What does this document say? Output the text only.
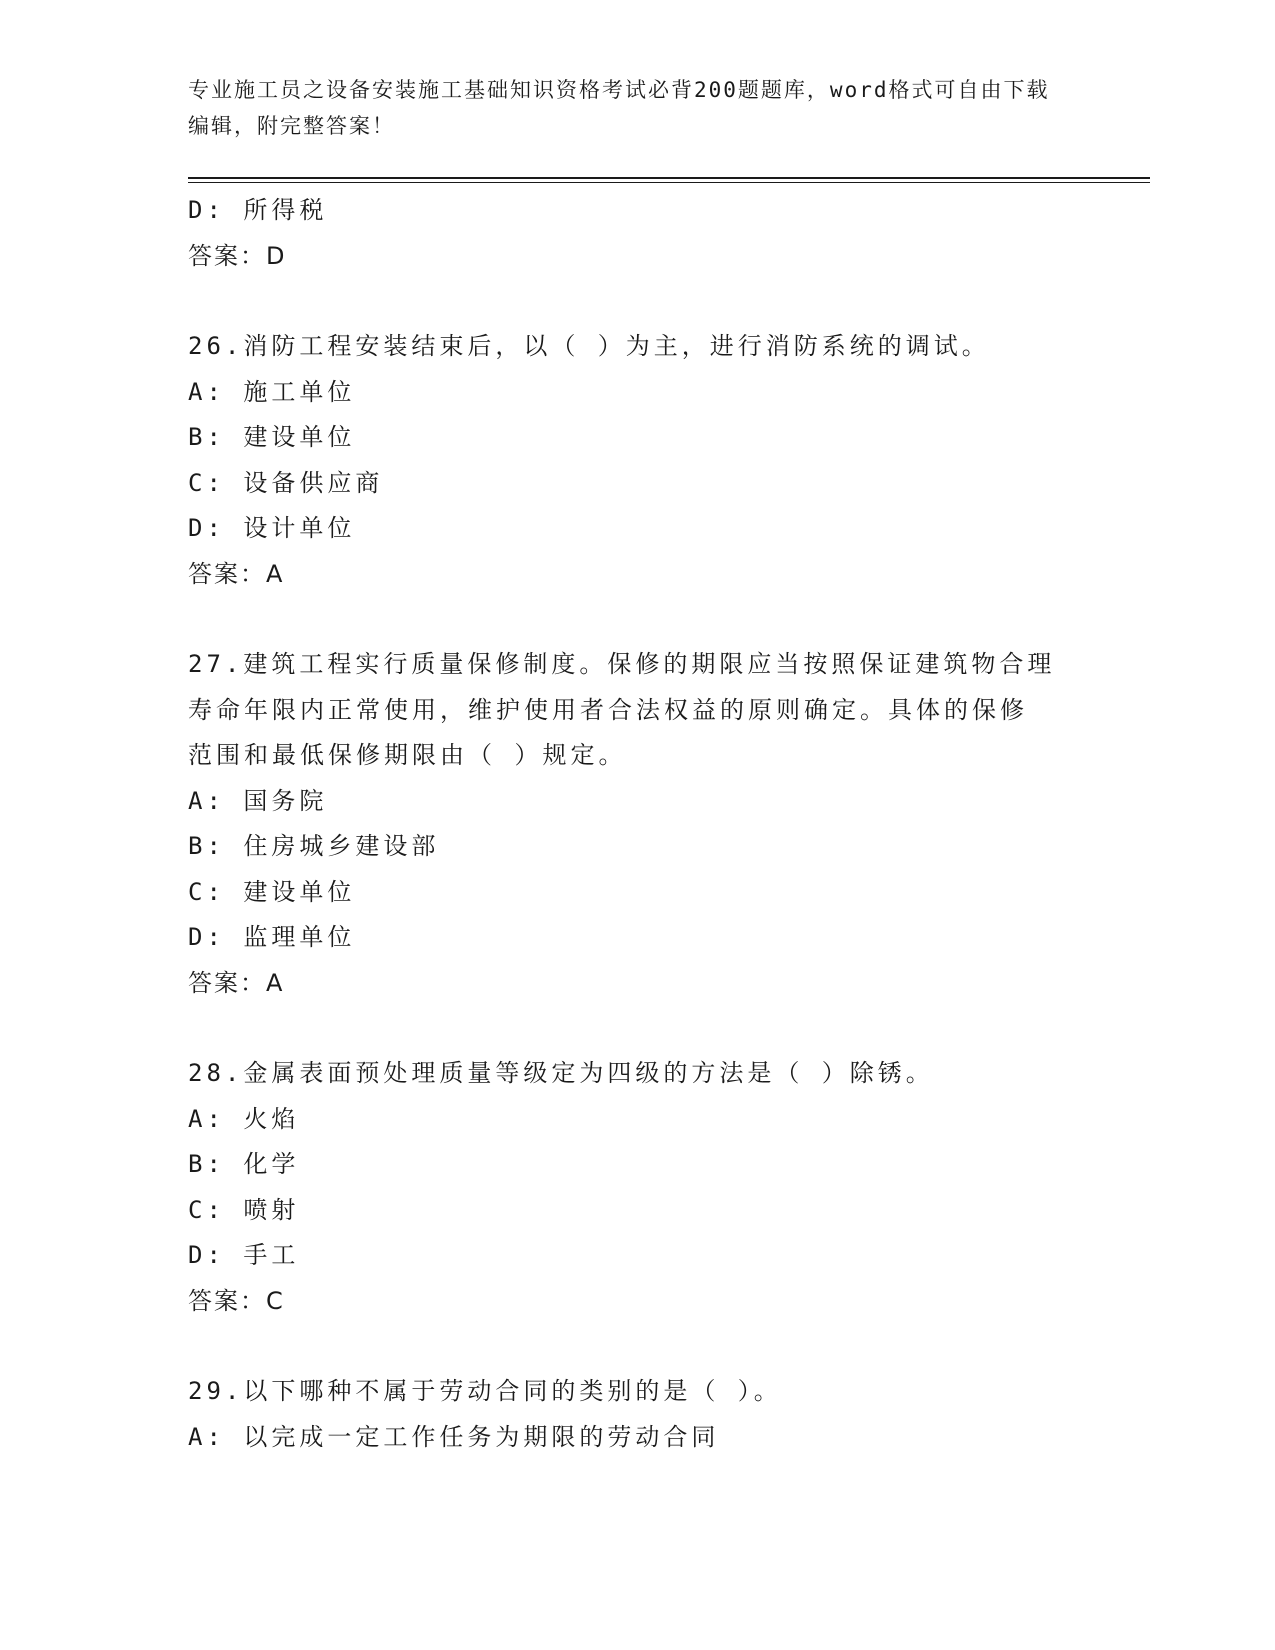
专业施工员之设备安装施工基础知识资格考试必背200题题库，word格式可自由下载编辑，附完整答案！
D: 所得税
答案：D
26.消防工程安装结束后，以（ ）为主，进行消防系统的调试。
A: 施工单位
B: 建设单位
C: 设备供应商
D: 设计单位
答案：A
27.建筑工程实行质量保修制度。保修的期限应当按照保证建筑物合理
寿命年限内正常使用，维护使用者合法权益的原则确定。具体的保修
范围和最低保修期限由（ ）规定。
A: 国务院
B: 住房城乡建设部
C: 建设单位
D: 监理单位
答案：A
28.金属表面预处理质量等级定为四级的方法是（ ）除锈。
A: 火焰
B: 化学
C: 喷射
D: 手工
答案：C
29.以下哪种不属于劳动合同的类别的是（ ）。
A: 以完成一定工作任务为期限的劳动合同
